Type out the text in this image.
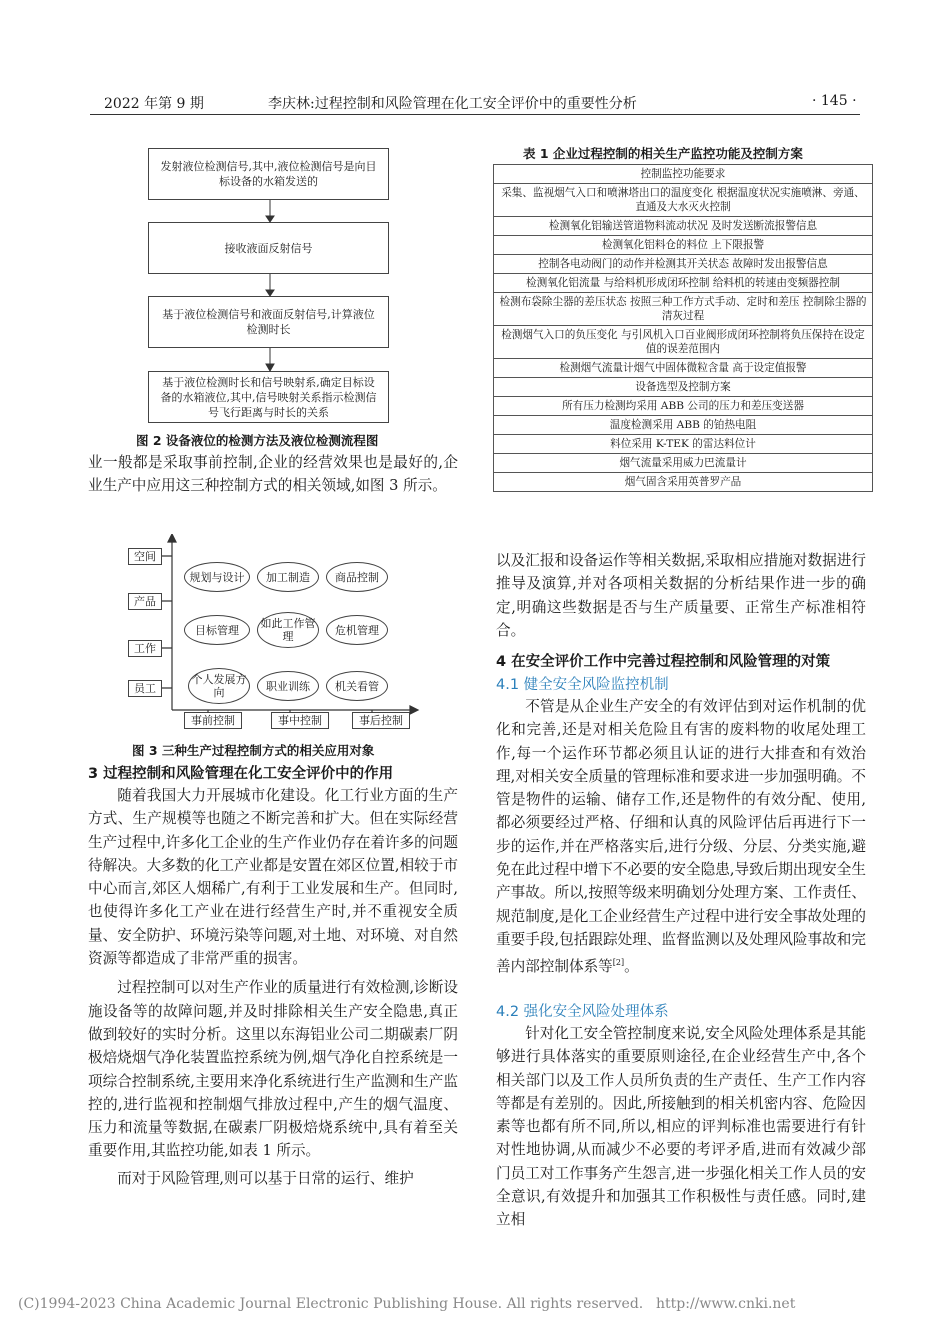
2022 年第 9 期	李庆林:过程控制和风险管理在化工安全评价中的重要性分析	· 145 ·
发射液位检测信号,其中,液位检测信号是向目标设备的水箱发送的
接收液面反射信号
基于液位检测信号和液面反射信号,计算液位检测时长
基于液位检测时长和信号映射系,确定目标设备的水箱液位,其中,信号映射关系指示检测信号飞行距离与时长的关系
图 2 设备液位的检测方法及液位检测流程图

业一般都是采取事前控制,企业的经营效果也是最好的,企业生产中应用这三种控制方式的相关领域,如图 3 所示。

空间
产品
工作
员工
规划与设计	加工制造	商品控制
目标管理	如此工作管理	危机管理
个人发展方向	职业训练	机关看管
事前控制	事中控制	事后控制
图 3 三种生产过程控制方式的相关应用对象
3 过程控制和风险管理在化工安全评价中的作用

随着我国大力开展城市化建设。化工行业方面的生产方式、生产规模等也随之不断完善和扩大。但在实际经营生产过程中,许多化工企业的生产作业仍存在着许多的问题待解决。大多数的化工产业都是安置在郊区位置,相较于市中心而言,郊区人烟稀广,有利于工业发展和生产。但同时,也使得许多化工产业在进行经营生产时,并不重视安全质量、安全防护、环境污染等问题,对土地、对环境、对自然资源等都造成了非常严重的损害。

过程控制可以对生产作业的质量进行有效检测,诊断设施设备等的故障问题,并及时排除相关生产安全隐患,真正做到较好的实时分析。这里以东海铝业公司二期碳素厂阴极焙烧烟气净化装置监控系统为例,烟气净化自控系统是一项综合控制系统,主要用来净化系统进行生产监测和生产监控的,进行监视和控制烟气排放过程中,产生的烟气温度、压力和流量等数据,在碳素厂阴极焙烧系统中,具有着至关重要作用,其监控功能,如表 1 所示。

而对于风险管理,则可以基于日常的运行、维护

表 1 企业过程控制的相关生产监控功能及控制方案
控制监控功能要求
采集、监视烟气入口和喷淋塔出口的温度变化 根据温度状况实施喷淋、旁通、直通及大水灭火控制
检测氧化铝输送管道物料流动状况 及时发送断流报警信息
检测氧化铝料仓的料位 上下限报警
控制各电动阀门的动作并检测其开关状态 故障时发出报警信息
检测氧化铝流量 与给料机形成闭环控制 给料机的转速由变频器控制
检测布袋除尘器的差压状态 按照三种工作方式手动、定时和差压 控制除尘器的清灰过程
检测烟气入口的负压变化 与引风机入口百业阀形成闭环控制将负压保持在设定值的误差范围内
检测烟气流量计烟气中固体微粒含量 高于设定值报警
设备选型及控制方案
所有压力检测均采用 ABB 公司的压力和差压变送器
温度检测采用 ABB 的铂热电阻
料位采用 K-TEK 的雷达料位计
烟气流量采用威力巴流量计
烟气固含采用英普罗产品

以及汇报和设备运作等相关数据,采取相应措施对数据进行推导及演算,并对各项相关数据的分析结果作进一步的确定,明确这些数据是否与生产质量要、正常生产标准相符合。

4 在安全评价工作中完善过程控制和风险管理的对策
4.1 健全安全风险监控机制

不管是从企业生产安全的有效评估到对运作机制的优化和完善,还是对相关危险且有害的废料物的收尾处理工作,每一个运作环节都必须且认证的进行大排查和有效治理,对相关安全质量的管理标准和要求进一步加强明确。不管是物件的运输、储存工作,还是物件的有效分配、使用,都必须要经过严格、仔细和认真的风险评估后再进行下一步的运作,并在严格落实后,进行分级、分层、分类实施,避免在此过程中增下不必要的安全隐患,导致后期出现安全生产事故。所以,按照等级来明确划分处理方案、工作责任、规范制度,是化工企业经营生产过程中进行安全事故处理的重要手段,包括跟踪处理、监督监测以及处理风险事故和完善内部控制体系等[2]。

4.2 强化安全风险处理体系

针对化工安全管控制度来说,安全风险处理体系是其能够进行具体落实的重要原则途径,在企业经营生产中,各个相关部门以及工作人员所负责的生产责任、生产工作内容等都是有差别的。因此,所接触到的相关机密内容、危险因素等也都有所不同,所以,相应的评判标准也需要进行有针对性地协调,从而减少不必要的考评矛盾,进而有效减少部门员工对工作事务产生怨言,进一步强化相关工作人员的安全意识,有效提升和加强其工作积极性与责任感。同时,建立相

(C)1994-2023 China Academic Journal Electronic Publishing House. All rights reserved. http://www.cnki.net
